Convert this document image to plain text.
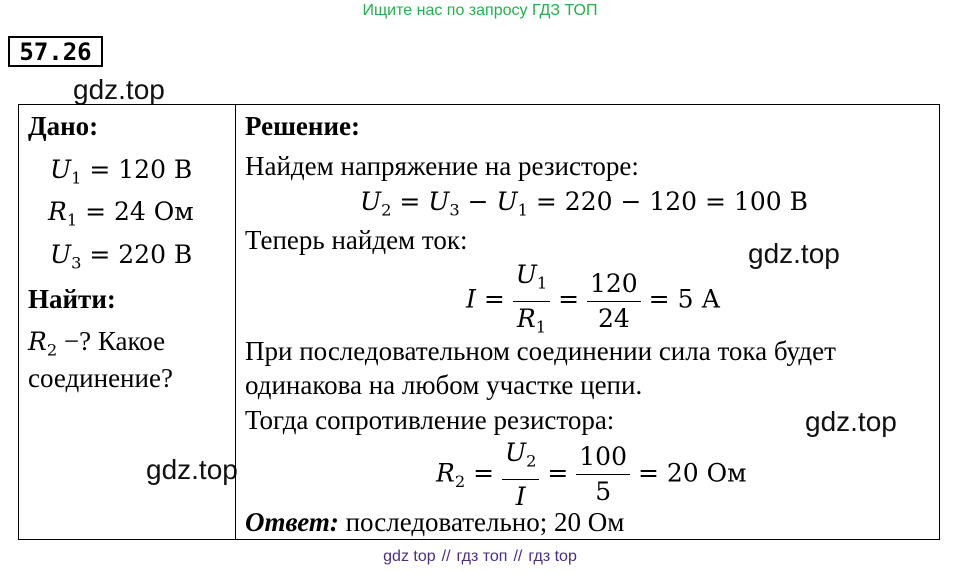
Ищите нас по запросу ГДЗ ТОП
57.26
gdz.top
gdz.top
gdz.top
gdz.top
Дано:
$U_1 = 120$ В
$R_1 = 24$ Ом
$U_3 = 220$ В
Найти:
$R_2$ −? Какое
соединение?
Решение:
Найдем напряжение на резисторе:
$U_2 = U_3 - U_1 = 220 - 120 = 100$ В
Теперь найдем ток:
$I = \frac{U_1}{R_1} = \frac{120}{24} = 5$ А
При последовательном соединении сила тока будет
одинакова на любом участке цепи.
Тогда сопротивление резистора:
$R_2 = \frac{U_2}{I} = \frac{100}{5} = 20$ Ом
Ответ: последовательно; 20 Ом
gdz top // гдз топ // гдз top
